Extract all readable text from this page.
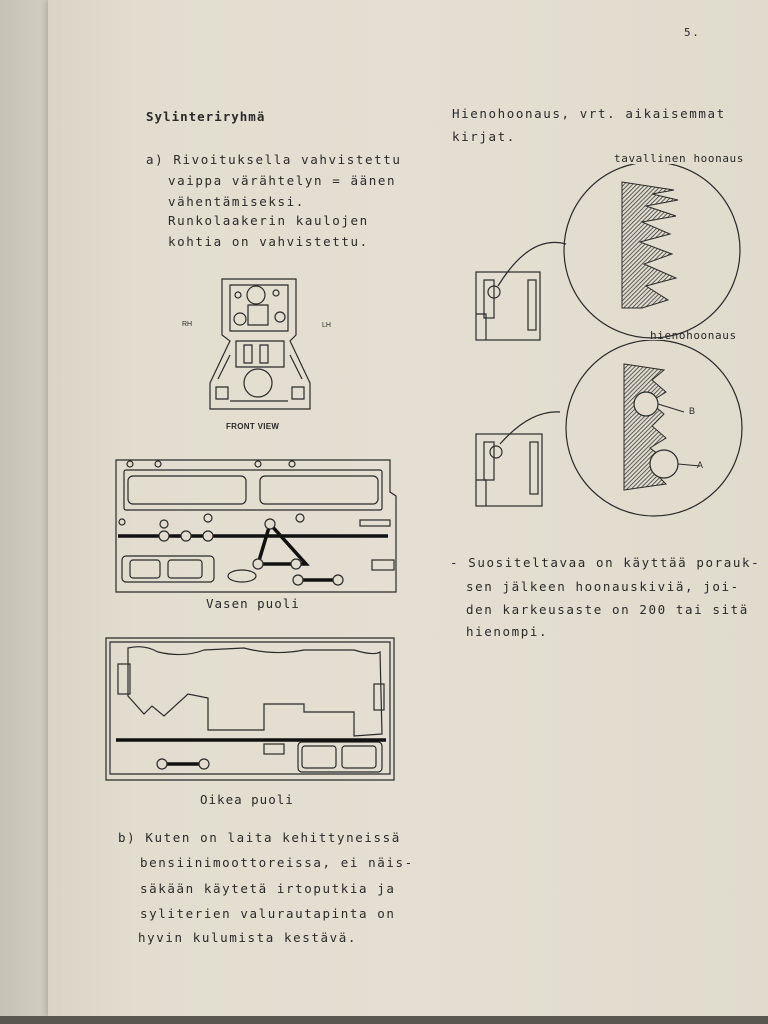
5.
Sylinteriryhmä
a) Rivoituksella vahvistettu
vaippa värähtelyn = äänen
vähentämiseksi.
Runkolaakerin kaulojen
kohtia on vahvistettu.
RH	LH
FRONT VIEW
Vasen puoli
Oikea puoli
b) Kuten on laita kehittyneissä
bensiinimoottoreissa, ei näis-
säkään käytetä irtoputkia ja
syliterien valurautapinta on
hyvin kulumista kestävä.
Hienohoonaus, vrt. aikaisemmat
kirjat.
tavallinen hoonaus
hienohoonaus
B
A
- Suositeltavaa on käyttää porauk-
sen jälkeen hoonauskiviä, joi-
den karkeusaste on 200 tai sitä
hienompi.
